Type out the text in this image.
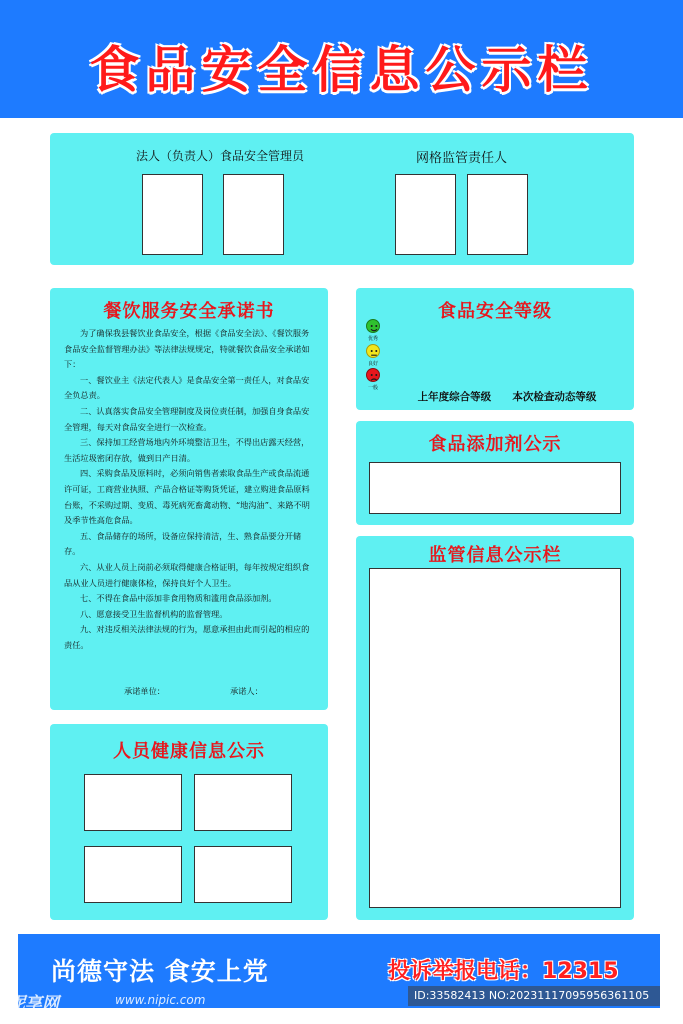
食品安全信息公示栏
法人（负责人） 食品安全管理员	网格监管责任人
餐饮服务安全承诺书

为了确保我县餐饮业食品安全，根据《食品安全法》、《餐饮服务食品安全监督管理办法》等法律法规规定，特就餐饮食品安全承诺如下：

一、餐饮业主《法定代表人》是食品安全第一责任人，对食品安全负总责。

二、认真落实食品安全管理制度及岗位责任制，加强自身食品安全管理，每天对食品安全进行一次检查。

三、保持加工经营场地内外环境整洁卫生，不得出店露天经营，生活垃圾密闭存放，做到日产日清。

四、采购食品及原料时，必须向销售者索取食品生产或食品流通许可证，工商营业执照、产品合格证等购货凭证，建立购进食品原料台账，不采购过期、变质、毒死病死畜禽动物、“地沟油”、来路不明及季节性高危食品。

五、食品储存的场所，设备应保持清洁，生、熟食品要分开储存。

六、从业人员上岗前必须取得健康合格证明，每年按规定组织食品从业人员进行健康体检，保持良好个人卫生。

七、不得在食品中添加非食用物质和滥用食品添加剂。

八、愿意接受卫生监督机构的监督管理。

九、对违反相关法律法规的行为，愿意承担由此而引起的相应的责任。

承诺单位：	承诺人：
食品安全等级
优秀
良好
一般
上年度综合等级 本次检查动态等级
食品添加剂公示
监管信息公示栏
人员健康信息公示
尚德守法 食安上党	投诉举报电话：12315
昵享网	www.nipic.com	ID:33582413 NO:20231117095956361105
